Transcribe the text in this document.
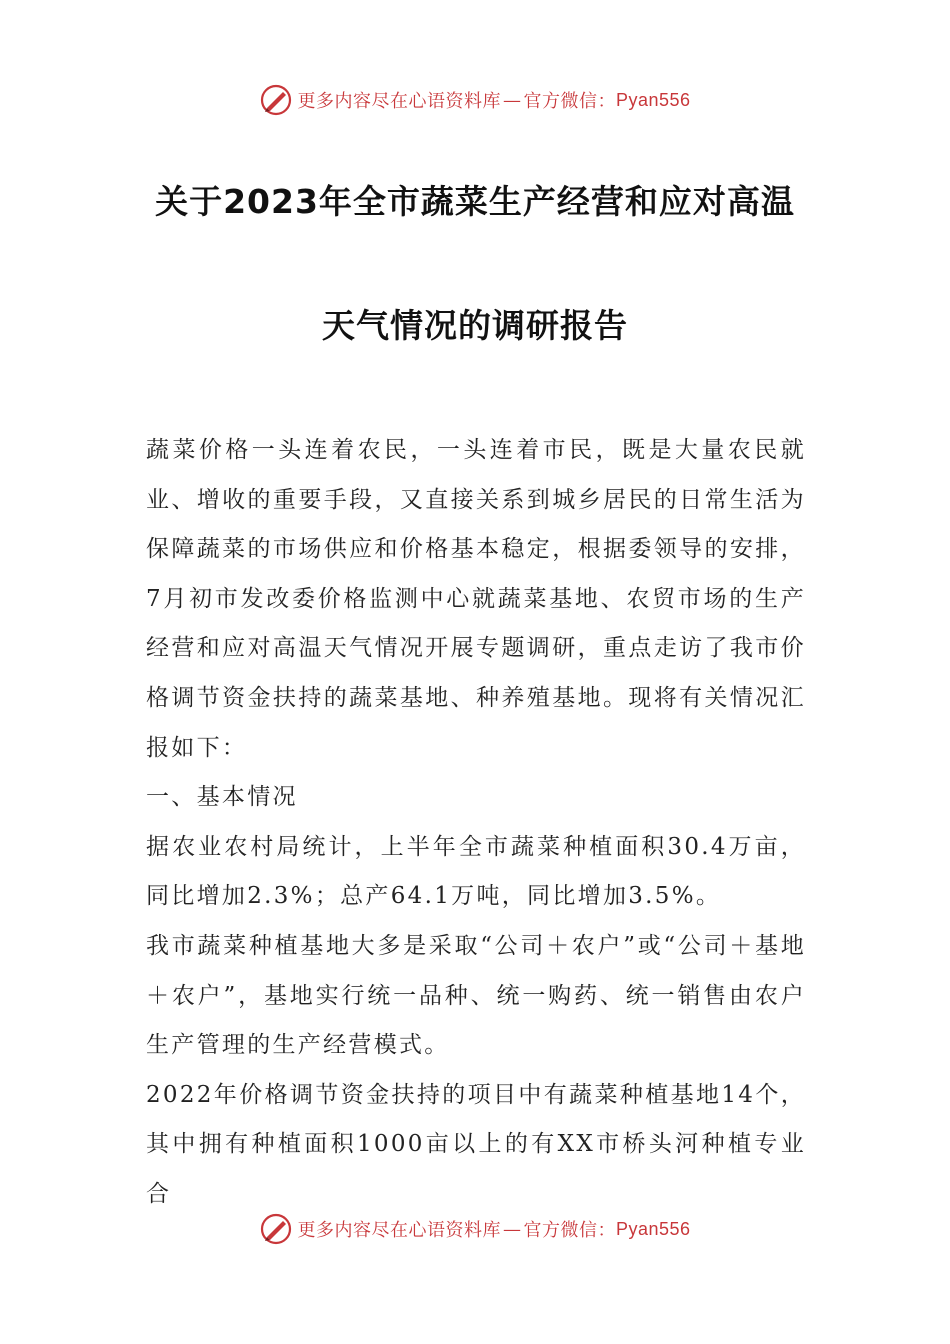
更多内容尽在心语资料库 — 官方微信： Pyan556
关于2023年全市蔬菜生产经营和应对高温
天气情况的调研报告

蔬菜价格一头连着农民，一头连着市民，既是大量农民就业、增收的重要手段，又直接关系到城乡居民的日常生活为保障蔬菜的市场供应和价格基本稳定，根据委领导的安排，7月初市发改委价格监测中心就蔬菜基地、农贸市场的生产经营和应对高温天气情况开展专题调研，重点走访了我市价格调节资金扶持的蔬菜基地、种养殖基地。现将有关情况汇报如下：

一、基本情况

据农业农村局统计，上半年全市蔬菜种植面积30.4万亩，同比增加2.3%；总产64.1万吨，同比增加3.5%。

我市蔬菜种植基地大多是采取“公司＋农户”或“公司＋基地＋农户”，基地实行统一品种、统一购药、统一销售由农户生产管理的生产经营模式。

2022年价格调节资金扶持的项目中有蔬菜种植基地14个，其中拥有种植面积1000亩以上的有XX市桥头河种植专业合

更多内容尽在心语资料库 — 官方微信： Pyan556
